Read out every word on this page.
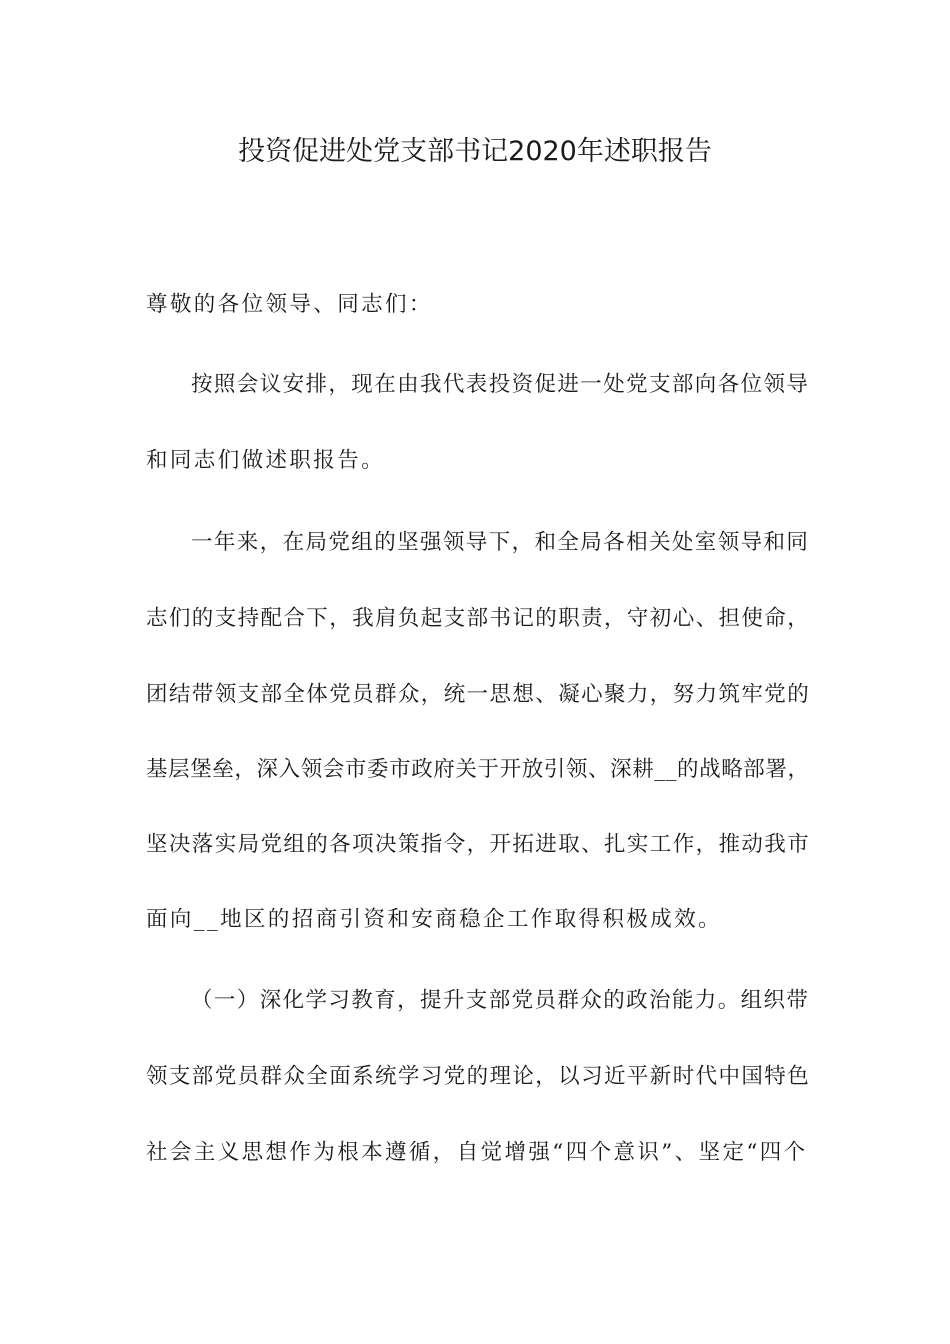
投资促进处党支部书记2020年述职报告

尊敬的各位领导、同志们：

按照会议安排，现在由我代表投资促进一处党支部向各位领导

和同志们做述职报告。

一年来，在局党组的坚强领导下，和全局各相关处室领导和同

志们的支持配合下，我肩负起支部书记的职责，守初心、担使命，

团结带领支部全体党员群众，统一思想、凝心聚力，努力筑牢党的

基层堡垒，深入领会市委市政府关于开放引领、深耕__的战略部署，

坚决落实局党组的各项决策指令，开拓进取、扎实工作，推动我市

面向__地区的招商引资和安商稳企工作取得积极成效。

（一）深化学习教育，提升支部党员群众的政治能力。组织带

领支部党员群众全面系统学习党的理论，以习近平新时代中国特色

社会主义思想作为根本遵循，自觉增强“四个意识”、坚定“四个
